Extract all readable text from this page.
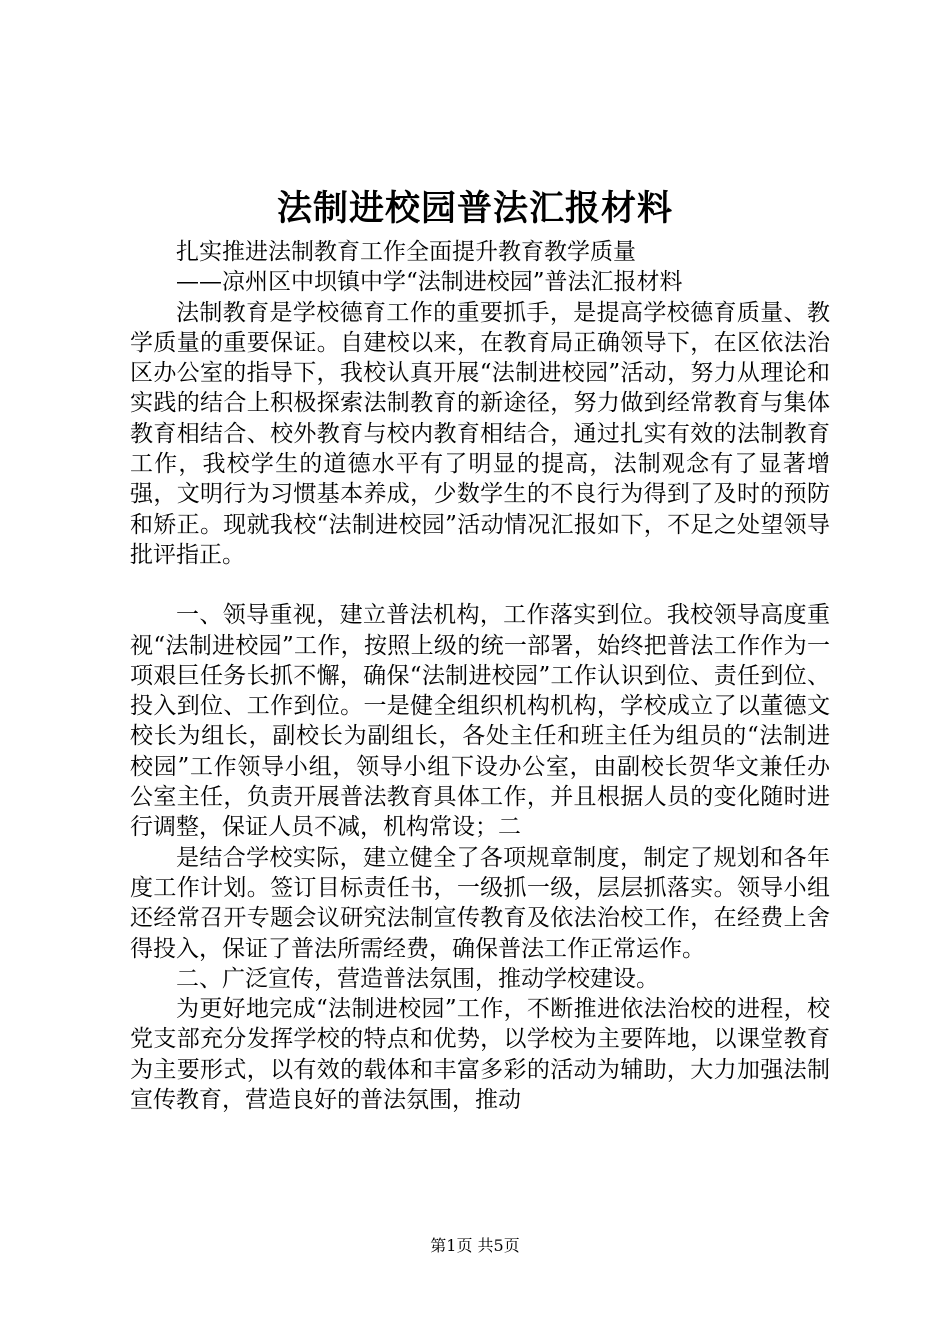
法制进校园普法汇报材料

扎实推进法制教育工作全面提升教育教学质量

——凉州区中坝镇中学“法制进校园”普法汇报材料

法制教育是学校德育工作的重要抓手，是提高学校德育质量、教学质量的重要保证。自建校以来，在教育局正确领导下，在区依法治区办公室的指导下，我校认真开展“法制进校园”活动，努力从理论和实践的结合上积极探索法制教育的新途径，努力做到经常教育与集体教育相结合、校外教育与校内教育相结合，通过扎实有效的法制教育工作，我校学生的道德水平有了明显的提高，法制观念有了显著增强，文明行为习惯基本养成，少数学生的不良行为得到了及时的预防和矫正。现就我校“法制进校园”活动情况汇报如下，不足之处望领导批评指正。

一、领导重视，建立普法机构，工作落实到位。我校领导高度重视“法制进校园”工作，按照上级的统一部署，始终把普法工作作为一项艰巨任务长抓不懈，确保“法制进校园”工作认识到位、责任到位、投入到位、工作到位。一是健全组织机构机构，学校成立了以董德文校长为组长，副校长为副组长，各处主任和班主任为组员的“法制进校园”工作领导小组，领导小组下设办公室，由副校长贺华文兼任办公室主任，负责开展普法教育具体工作，并且根据人员的变化随时进行调整，保证人员不减，机构常设；二

是结合学校实际，建立健全了各项规章制度，制定了规划和各年度工作计划。签订目标责任书，一级抓一级，层层抓落实。领导小组还经常召开专题会议研究法制宣传教育及依法治校工作，在经费上舍得投入，保证了普法所需经费，确保普法工作正常运作。

二、广泛宣传，营造普法氛围，推动学校建设。

为更好地完成“法制进校园”工作，不断推进依法治校的进程，校党支部充分发挥学校的特点和优势，以学校为主要阵地，以课堂教育为主要形式，以有效的载体和丰富多彩的活动为辅助，大力加强法制宣传教育，营造良好的普法氛围，推动

第1页 共5页
